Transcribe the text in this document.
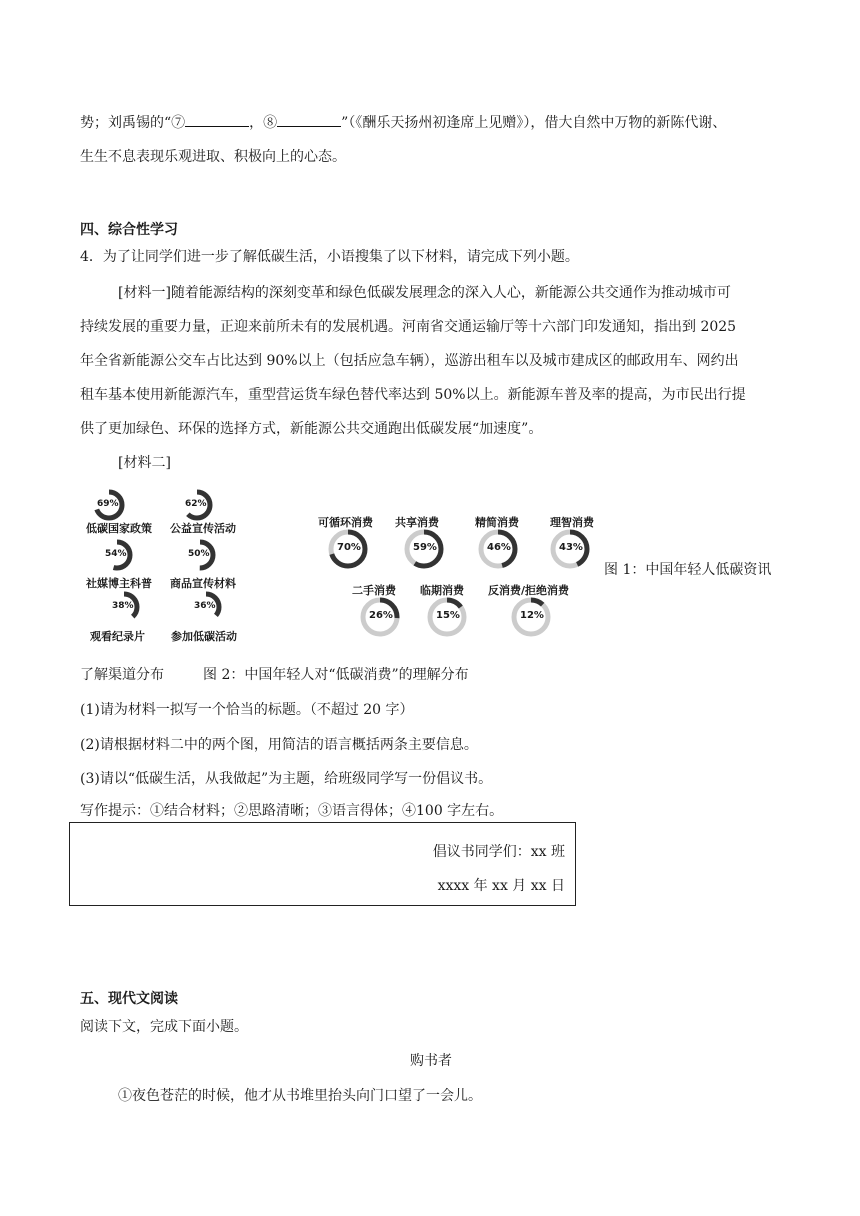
势；刘禹锡的“⑦	，⑧	”（《酬乐天扬州初逢席上见赠》），借大自然中万物的新陈代谢、
生生不息表现乐观进取、积极向上的心态。
四、综合性学习
4．为了让同学们进一步了解低碳生活，小语搜集了以下材料，请完成下列小题。
[材料一]随着能源结构的深刻变革和绿色低碳发展理念的深入人心，新能源公共交通作为推动城市可
持续发展的重要力量，正迎来前所未有的发展机遇。河南省交通运输厅等十六部门印发通知，指出到 2025
年全省新能源公交车占比达到 90%以上（包括应急车辆），巡游出租车以及城市建成区的邮政用车、网约出
租车基本使用新能源汽车，重型营运货车绿色替代率达到 50%以上。新能源车普及率的提高，为市民出行提
供了更加绿色、环保的选择方式，新能源公共交通跑出低碳发展“加速度”。
[材料二]
69%
低碳国家政策
62%
公益宣传活动
54%
社媒博主科普
50%
商品宣传材料
38%
观看纪录片
36%
参加低碳活动
70%
可循环消费
59%
共享消费
46%
精简消费
43%
理智消费
26%
二手消费
15%
临期消费
12%
反消费/拒绝消费
图 1：中国年轻人低碳资讯
了解渠道分布	图 2：中国年轻人对“低碳消费”的理解分布
(1)请为材料一拟写一个恰当的标题。（不超过 20 字）
(2)请根据材料二中的两个图，用简洁的语言概括两条主要信息。
(3)请以“低碳生活，从我做起”为主题，给班级同学写一份倡议书。
写作提示：①结合材料；②思路清晰；③语言得体；④100 字左右。
倡议书同学们：xx 班
xxxx 年 xx 月 xx 日
五、现代文阅读
阅读下文，完成下面小题。
购书者
①夜色苍茫的时候，他才从书堆里抬头向门口望了一会儿。
